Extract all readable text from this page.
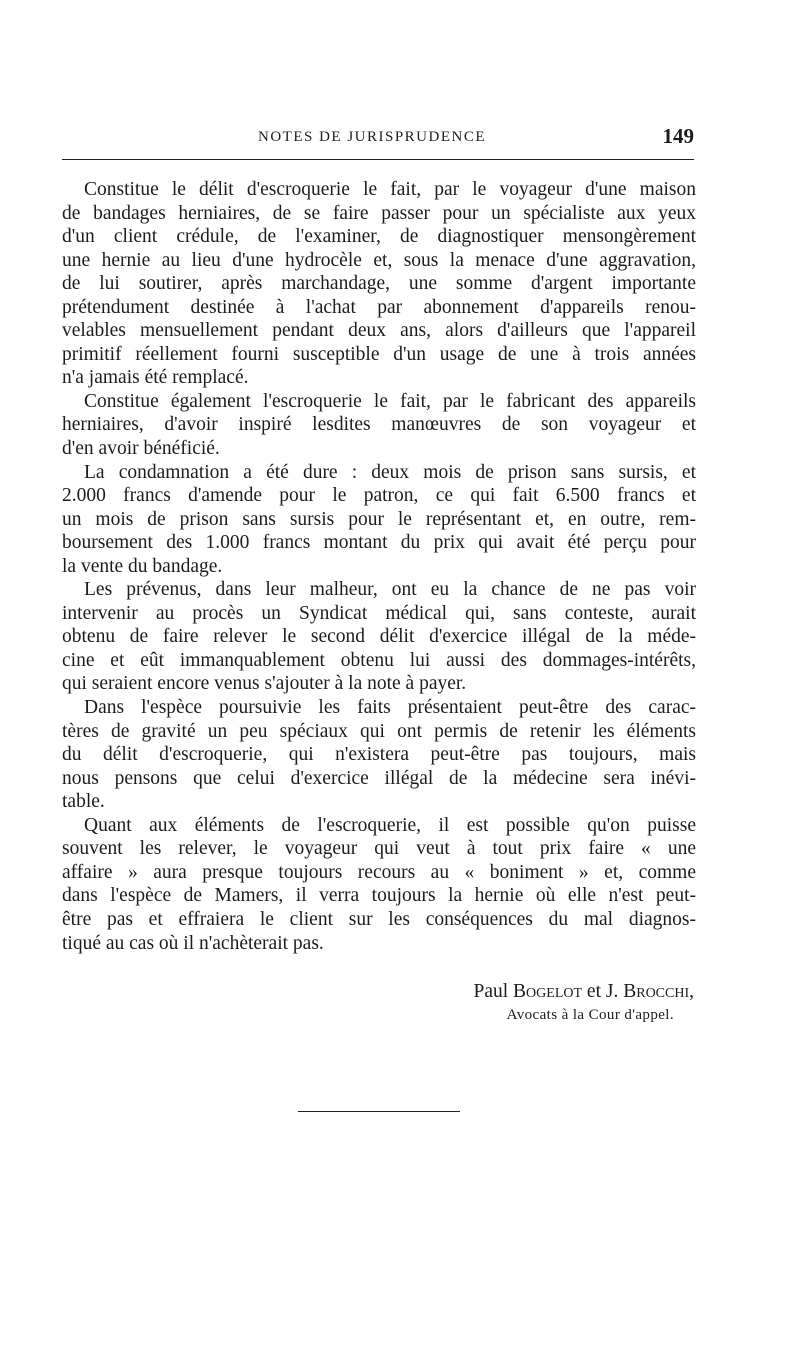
NOTES DE JURISPRUDENCE	149

Constitue le délit d'escroquerie le fait, par le voyageur d'une maison
de bandages herniaires, de se faire passer pour un spécialiste aux yeux
d'un client crédule, de l'examiner, de diagnostiquer mensongèrement
une hernie au lieu d'une hydrocèle et, sous la menace d'une aggravation,
de lui soutirer, après marchandage, une somme d'argent importante
prétendument destinée à l'achat par abonnement d'appareils renou-
velables mensuellement pendant deux ans, alors d'ailleurs que l'appareil
primitif réellement fourni susceptible d'un usage de une à trois années
n'a jamais été remplacé.

Constitue également l'escroquerie le fait, par le fabricant des appareils
herniaires, d'avoir inspiré lesdites manœuvres de son voyageur et
d'en avoir bénéficié.

La condamnation a été dure : deux mois de prison sans sursis, et
2.000 francs d'amende pour le patron, ce qui fait 6.500 francs et
un mois de prison sans sursis pour le représentant et, en outre, rem-
boursement des 1.000 francs montant du prix qui avait été perçu pour
la vente du bandage.

Les prévenus, dans leur malheur, ont eu la chance de ne pas voir
intervenir au procès un Syndicat médical qui, sans conteste, aurait
obtenu de faire relever le second délit d'exercice illégal de la méde-
cine et eût immanquablement obtenu lui aussi des dommages-intérêts,
qui seraient encore venus s'ajouter à la note à payer.

Dans l'espèce poursuivie les faits présentaient peut-être des carac-
tères de gravité un peu spéciaux qui ont permis de retenir les éléments
du délit d'escroquerie, qui n'existera peut-être pas toujours, mais
nous pensons que celui d'exercice illégal de la médecine sera inévi-
table.

Quant aux éléments de l'escroquerie, il est possible qu'on puisse
souvent les relever, le voyageur qui veut à tout prix faire « une
affaire » aura presque toujours recours au « boniment » et, comme
dans l'espèce de Mamers, il verra toujours la hernie où elle n'est peut-
être pas et effraiera le client sur les conséquences du mal diagnos-
tiqué au cas où il n'achèterait pas.

Paul Bogelot et J. Brocchi,
Avocats à la Cour d'appel.
